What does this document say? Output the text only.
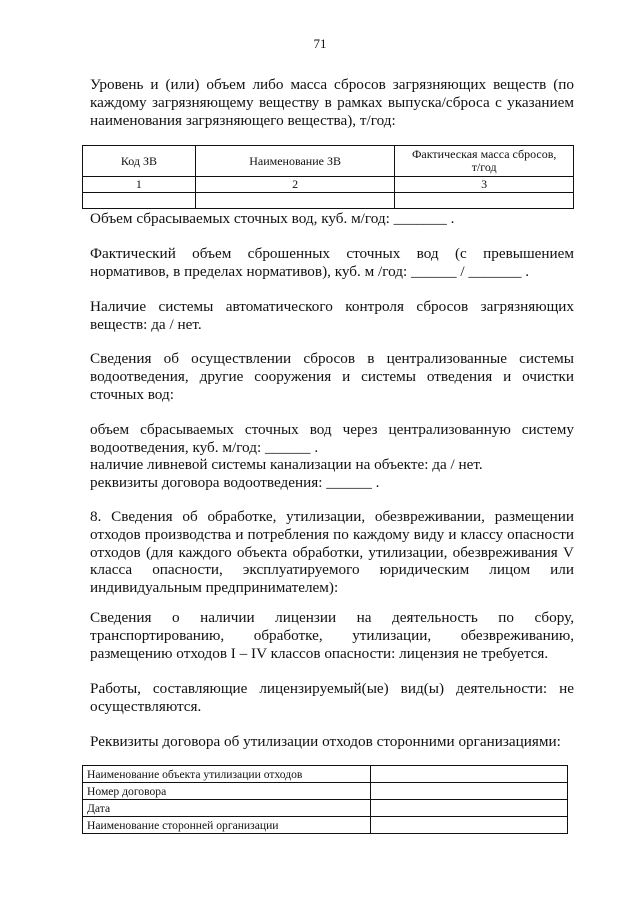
71
Уровень и (или) объем либо масса сбросов загрязняющих веществ (по каждому загрязняющему веществу в рамках выпуска/сброса с указанием наименования загрязняющего вещества), т/год:
Код ЗВ	Наименование ЗВ	Фактическая масса сбросов,
т/год

1	2	3

Объем сбрасываемых сточных вод, куб. м/год: _______ .
Фактический объем сброшенных сточных вод (с превышением нормативов, в пределах нормативов), куб. м /год: ______ / _______ .
Наличие системы автоматического контроля сбросов загрязняющих веществ: да / нет.
Сведения об осуществлении сбросов в централизованные системы водоотведения, другие сооружения и системы отведения и очистки сточных вод:
объем сбрасываемых сточных вод через централизованную систему водоотведения, куб. м/год: ______ .
наличие ливневой системы канализации на объекте: да / нет.
реквизиты договора водоотведения: ______ .
8. Сведения об обработке, утилизации, обезвреживании, размещении отходов производства и потребления по каждому виду и классу опасности отходов (для каждого объекта обработки, утилизации, обезвреживания V класса опасности, эксплуатируемого юридическим лицом или индивидуальным предпринимателем):
Сведения о наличии лицензии на деятельность по сбору, транспортированию, обработке, утилизации, обезвреживанию, размещению отходов I – IV классов опасности: лицензия не требуется.
Работы, составляющие лицензируемый(ые) вид(ы) деятельности: не осуществляются.
Реквизиты договора об утилизации отходов сторонними организациями:
Наименование объекта утилизации отходов	
Номер договора	
Дата	
Наименование сторонней организации	
